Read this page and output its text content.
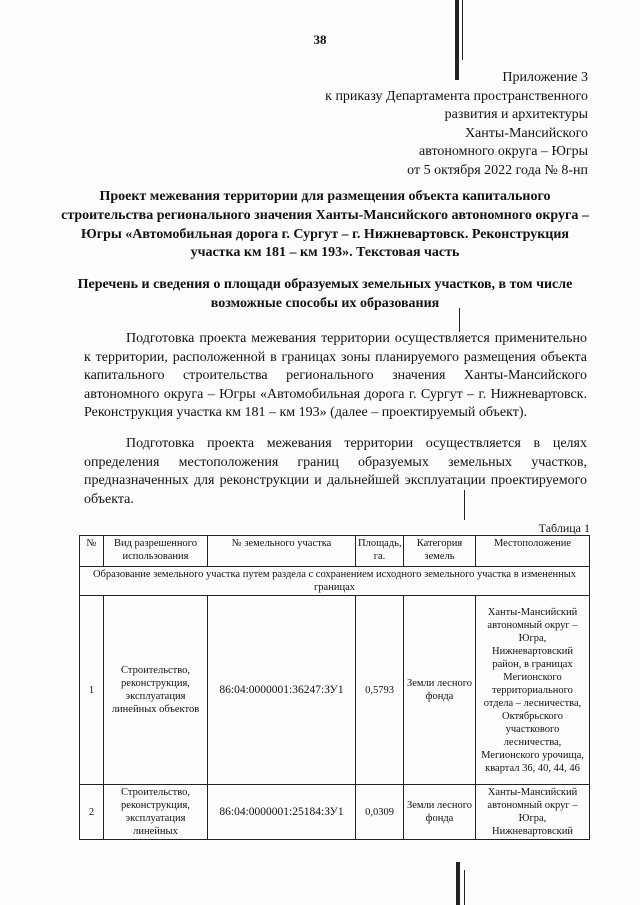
38
Приложение 3
к приказу Департамента пространственного
развития и архитектуры
Ханты-Мансийского
автономного округа – Югры
от 5 октября 2022 года № 8-нп
Проект межевания территории для размещения объекта капитального строительства регионального значения Ханты-Мансийского автономного округа – Югры «Автомобильная дорога г. Сургут – г. Нижневартовск. Реконструкция участка км 181 – км 193». Текстовая часть
Перечень и сведения о площади образуемых земельных участков, в том числе возможные способы их образования

Подготовка проекта межевания территории осуществляется применительно к территории, расположенной в границах зоны планируемого размещения объекта капитального строительства регионального значения Ханты-Мансийского автономного округа – Югры «Автомобильная дорога г. Сургут – г. Нижневартовск. Реконструкция участка км 181 – км 193» (далее – проектируемый объект).

Подготовка проекта межевания территории осуществляется в целях определения местоположения границ образуемых земельных участков, предназначенных для реконструкции и дальнейшей эксплуатации проектируемого объекта.

Таблица 1
№	Вид разрешенного использования	№ земельного участка	Площадь, га.	Категория земель	Местоположение
Образование земельного участка путем раздела с сохранением исходного земельного участка в измененных границах					
1	Строительство, реконструкция, эксплуатация линейных объектов	86:04:0000001:36247:ЗУ1	0,5793	Земли лесного фонда	Ханты-Мансийский автономный округ – Югра, Нижневартовский район, в границах Мегионского территориального отдела – лесничества, Октябрьского участкового лесничества, Мегионского урочища, квартал 36, 40, 44, 46
2	Строительство, реконструкция, эксплуатация линейных	86:04:0000001:25184:ЗУ1	0,0309	Земли лесного фонда	Ханты-Мансийский автономный округ – Югра, Нижневартовский
